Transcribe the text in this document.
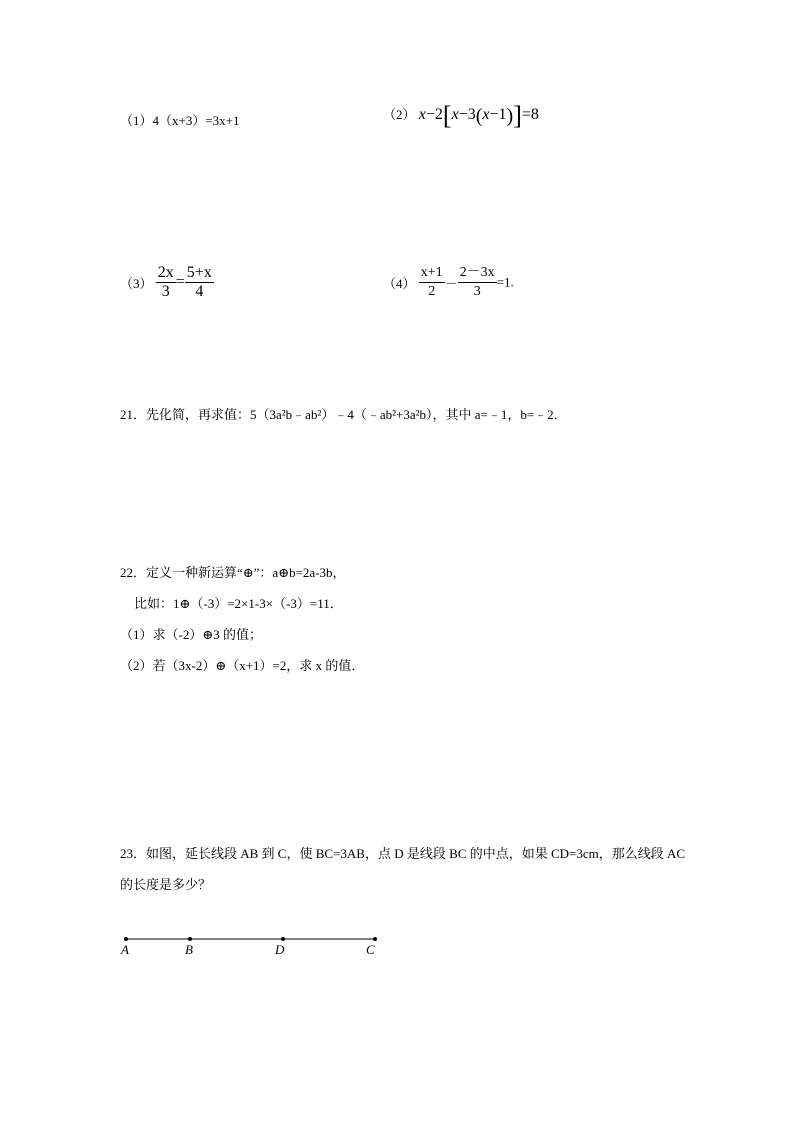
（1）4（x+3）=3x+1	（2） x−2[x−3(x−1)]=8
$(3) \frac{2x}{3} = \frac{5+x}{4}$	$(4) \frac{x+1}{2} - \frac{2-3x}{3} =1$.
21．先化简，再求值：5（3a²b﹣ab²）﹣4（﹣ab²+3a²b），其中 a=﹣1，b=﹣2．
22．定义一种新运算“⊕”：a⊕b=2a-3b，
比如：1⊕（-3）=2×1-3×（-3）=11．
（1）求（-2）⊕3 的值；
（2）若（3x-2）⊕（x+1）=2，求 x 的值．
23．如图，延长线段 AB 到 C，使 BC=3AB，点 D 是线段 BC 的中点，如果 CD=3cm，那么线段 AC
的长度是多少？
A	B	D	C
